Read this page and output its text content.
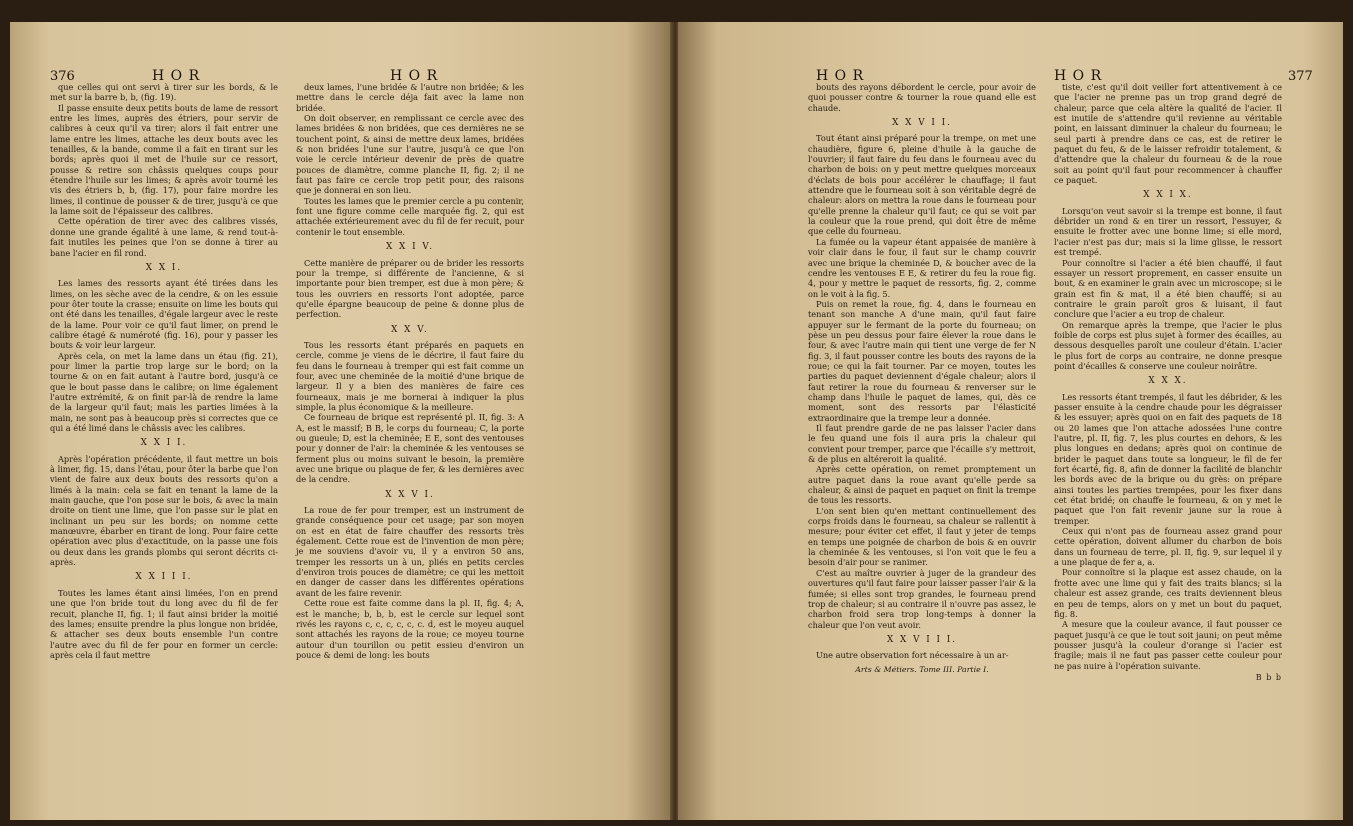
376	H O R	H O R

que celles qui ont servi à tirer sur les bords, & le met sur la barre b, b, (fig. 19).

Il passe ensuite deux petits bouts de lame de ressort entre les limes, auprès des étriers, pour servir de calibres à ceux qu'il va tirer; alors il fait entrer une lame entre les limes, attache les deux bouts avec les tenailles, & la bande, comme il a fait en tirant sur les bords; après quoi il met de l'huile sur ce ressort, pousse & retire son châssis quelques coups pour étendre l'huile sur les limes; & après avoir tourné les vis des étriers b, b, (fig. 17), pour faire mordre les limes, il continue de pousser & de tirer, jusqu'à ce que la lame soit de l'épaisseur des calibres.

Cette opération de tirer avec des calibres vissés, donne une grande égalité à une lame, & rend tout-à-fait inutiles les peines que l'on se donne à tirer au bane l'acier en fil rond.

X X I.

Les lames des ressorts ayant été tirées dans les limes, on les sèche avec de la cendre, & on les essuie pour ôter toute la crasse; ensuite on lime les bouts qui ont été dans les tenailles, d'égale largeur avec le reste de la lame. Pour voir ce qu'il faut limer, on prend le calibre étagé & numéroté (fig. 16), pour y passer les bouts & voir leur largeur.

Après cela, on met la lame dans un étau (fig. 21), pour limer la partie trop large sur le bord; on la tourne & on en fait autant à l'autre bord, jusqu'à ce que le bout passe dans le calibre; on lime également l'autre extrémité, & on finit par-là de rendre la lame de la largeur qu'il faut; mais les parties limées à la main, ne sont pas à beaucoup près si correctes que ce qui a été limé dans le châssis avec les calibres.

X X I I.

Après l'opération précédente, il faut mettre un bois à limer, fig. 15, dans l'étau, pour ôter la barbe que l'on vient de faire aux deux bouts des ressorts qu'on a limés à la main: cela se fait en tenant la lame de la main gauche, que l'on pose sur le bois, & avec la main droite on tient une lime, que l'on passe sur le plat en inclinant un peu sur les bords; on nomme cette manœuvre, ébarber en tirant de long. Pour faire cette opération avec plus d'exactitude, on la passe une fois ou deux dans les grands plombs qui seront décrits ci-après.

X X I I I.

Toutes les lames étant ainsi limées, l'on en prend une que l'on bride tout du long avec du fil de fer recuit, planche II, fig. 1; il faut ainsi brider la moitié des lames; ensuite prendre la plus longue non bridée, & attacher ses deux bouts ensemble l'un contre l'autre avec du fil de fer pour en former un cercle: après cela il faut mettre

deux lames, l'une bridée & l'autre non bridée; & les mettre dans le cercle déja fait avec la lame non bridée.

On doit observer, en remplissant ce cercle avec des lames bridées & non bridées, que ces dernières ne se touchent point, & ainsi de mettre deux lames, bridées & non bridées l'une sur l'autre, jusqu'à ce que l'on voie le cercle intérieur devenir de près de quatre pouces de diamètre, comme planche II, fig. 2; il ne faut pas faire ce cercle trop petit pour, des raisons que je donnerai en son lieu.

Toutes les lames que le premier cercle a pu contenir, font une figure comme celle marquée fig. 2, qui est attachée extérieurement avec du fil de fer recuit, pour contenir le tout ensemble.

X X I V.

Cette manière de préparer ou de brider les ressorts pour la trempe, si différente de l'ancienne, & si importante pour bien tremper, est due à mon père; & tous les ouvriers en ressorts l'ont adoptée, parce qu'elle épargne beaucoup de peine & donne plus de perfection.

X X V.

Tous les ressorts étant préparés en paquets en cercle, comme je viens de le décrire, il faut faire du feu dans le fourneau à tremper qui est fait comme un four, avec une cheminée de la moitié d'une brique de largeur. Il y a bien des manières de faire ces fourneaux, mais je me bornerai à indiquer la plus simple, la plus économique & la meilleure.

Ce fourneau de brique est représenté pl. II, fig. 3: A A, est le massif; B B, le corps du fourneau; C, la porte ou gueule; D, est la cheminée; E E, sont des ventouses pour y donner de l'air: la cheminée & les ventouses se ferment plus ou moins suivant le besoin, la première avec une brique ou plaque de fer, & les dernières avec de la cendre.

X X V I.

La roue de fer pour tremper, est un instrument de grande conséquence pour cet usage; par son moyen on est en état de faire chauffer des ressorts très également. Cette roue est de l'invention de mon père; je me souviens d'avoir vu, il y a environ 50 ans, tremper les ressorts un à un, pliés en petits cercles d'environ trois pouces de diamètre; ce qui les mettoit en danger de casser dans les différentes opérations avant de les faire revenir.

Cette roue est faite comme dans la pl. II, fig. 4; A, est le manche; b, b, b, est le cercle sur lequel sont rivés les rayons c, c, c, c, c, c. d, est le moyeu auquel sont attachés les rayons de la roue; ce moyeu tourne autour d'un tourillon ou petit essieu d'environ un pouce & demi de long: les bouts

H O R	H O R	377

bouts des rayons débordent le cercle, pour avoir de quoi pousser contre & tourner la roue quand elle est chaude.

X X V I I.

Tout étant ainsi préparé pour la trempe, on met une chaudière, figure 6, pleine d'huile à la gauche de l'ouvrier; il faut faire du feu dans le fourneau avec du charbon de bois: on y peut mettre quelques morceaux d'éclats de bois pour accélérer le chauffage; il faut attendre que le fourneau soit à son véritable degré de chaleur: alors on mettra la roue dans le fourneau pour qu'elle prenne la chaleur qu'il faut; ce qui se voit par la couleur que la roue prend, qui doit être de même que celle du fourneau.

La fumée ou la vapeur étant appaisée de manière à voir clair dans le four, il faut sur le champ couvrir avec une brique la cheminée D, & boucher avec de la cendre les ventouses E E, & retirer du feu la roue fig. 4, pour y mettre le paquet de ressorts, fig. 2, comme on le voit à la fig. 5.

Puis on remet la roue, fig. 4, dans le fourneau en tenant son manche A d'une main, qu'il faut faire appuyer sur le fermant de la porte du fourneau; on pèse un peu dessus pour faire élever la roue dans le four, & avec l'autre main qui tient une verge de fer N fig. 3, il faut pousser contre les bouts des rayons de la roue; ce qui la fait tourner. Par ce moyen, toutes les parties du paquet deviennent d'égale chaleur; alors il faut retirer la roue du fourneau & renverser sur le champ dans l'huile le paquet de lames, qui, dès ce moment, sont des ressorts par l'élasticité extraordinaire que la trempe leur a donnée.

Il faut prendre garde de ne pas laisser l'acier dans le feu quand une fois il aura pris la chaleur qui convient pour tremper, parce que l'écaille s'y mettroit, & de plus en altéreroit la qualité.

Après cette opération, on remet promptement un autre paquet dans la roue avant qu'elle perde sa chaleur, & ainsi de paquet en paquet on finit la trempe de tous les ressorts.

L'on sent bien qu'en mettant continuellement des corps froids dans le fourneau, sa chaleur se rallentit à mesure; pour éviter cet effet, il faut y jeter de temps en temps une poignée de charbon de bois & en ouvrir la cheminée & les ventouses, si l'on voit que le feu a besoin d'air pour se ranimer.

C'est au maître ouvrier à juger de la grandeur des ouvertures qu'il faut faire pour laisser passer l'air & la fumée; si elles sont trop grandes, le fourneau prend trop de chaleur; si au contraire il n'ouvre pas assez, le charbon froid sera trop long-temps à donner la chaleur que l'on veut avoir.

X X V I I I.

Une autre observation fort nécessaire à un ar-

Arts & Métiers. Tome III. Partie I.

tiste, c'est qu'il doit veiller fort attentivement à ce que l'acier ne prenne pas un trop grand degré de chaleur, parce que cela altère la qualité de l'acier. Il est inutile de s'attendre qu'il revienne au véritable point, en laissant diminuer la chaleur du fourneau; le seul parti à prendre dans ce cas, est de retirer le paquet du feu, & de le laisser refroidir totalement, & d'attendre que la chaleur du fourneau & de la roue soit au point qu'il faut pour recommencer à chauffer ce paquet.

X X I X.

Lorsqu'on veut savoir si la trempe est bonne, il faut débrider un rond & en tirer un ressort, l'essuyer, & ensuite le frotter avec une bonne lime; si elle mord, l'acier n'est pas dur; mais si la lime glisse, le ressort est trempé.

Pour connoître si l'acier a été bien chauffé, il faut essayer un ressort proprement, en casser ensuite un bout, & en examiner le grain avec un microscope; si le grain est fin & mat, il a été bien chauffé; si au contraire le grain paroît gros & luisant, il faut conclure que l'acier a eu trop de chaleur.

On remarque après la trempe, que l'acier le plus foible de corps est plus sujet à former des écailles, au dessous desquelles paroît une couleur d'étain. L'acier le plus fort de corps au contraire, ne donne presque point d'écailles & conserve une couleur noirâtre.

X X X.

Les ressorts étant trempés, il faut les débrider, & les passer ensuite à la cendre chaude pour les dégraisser & les essuyer; après quoi on en fait des paquets de 18 ou 20 lames que l'on attache adossées l'une contre l'autre, pl. II, fig. 7, les plus courtes en dehors, & les plus longues en dedans; après quoi on continue de brider le paquet dans toute sa longueur, le fil de fer fort écarté, fig. 8, afin de donner la facilité de blanchir les bords avec de la brique ou du grès: on prépare ainsi toutes les parties trempées, pour les fixer dans cet état bridé; on chauffe le fourneau, & on y met le paquet que l'on fait revenir jaune sur la roue à tremper.

Ceux qui n'ont pas de fourneau assez grand pour cette opération, doivent allumer du charbon de bois dans un fourneau de terre, pl. II, fig. 9, sur lequel il y a une plaque de fer a, a.

Pour connoître si la plaque est assez chaude, on la frotte avec une lime qui y fait des traits blancs; si la chaleur est assez grande, ces traits deviennent bleus en peu de temps, alors on y met un bout du paquet, fig. 8.

A mesure que la couleur avance, il faut pousser ce paquet jusqu'à ce que le tout soit jauni; on peut même pousser jusqu'à la couleur d'orange si l'acier est fragile; mais il ne faut pas passer cette couleur pour ne pas nuire à l'opération suivante.

B b b
